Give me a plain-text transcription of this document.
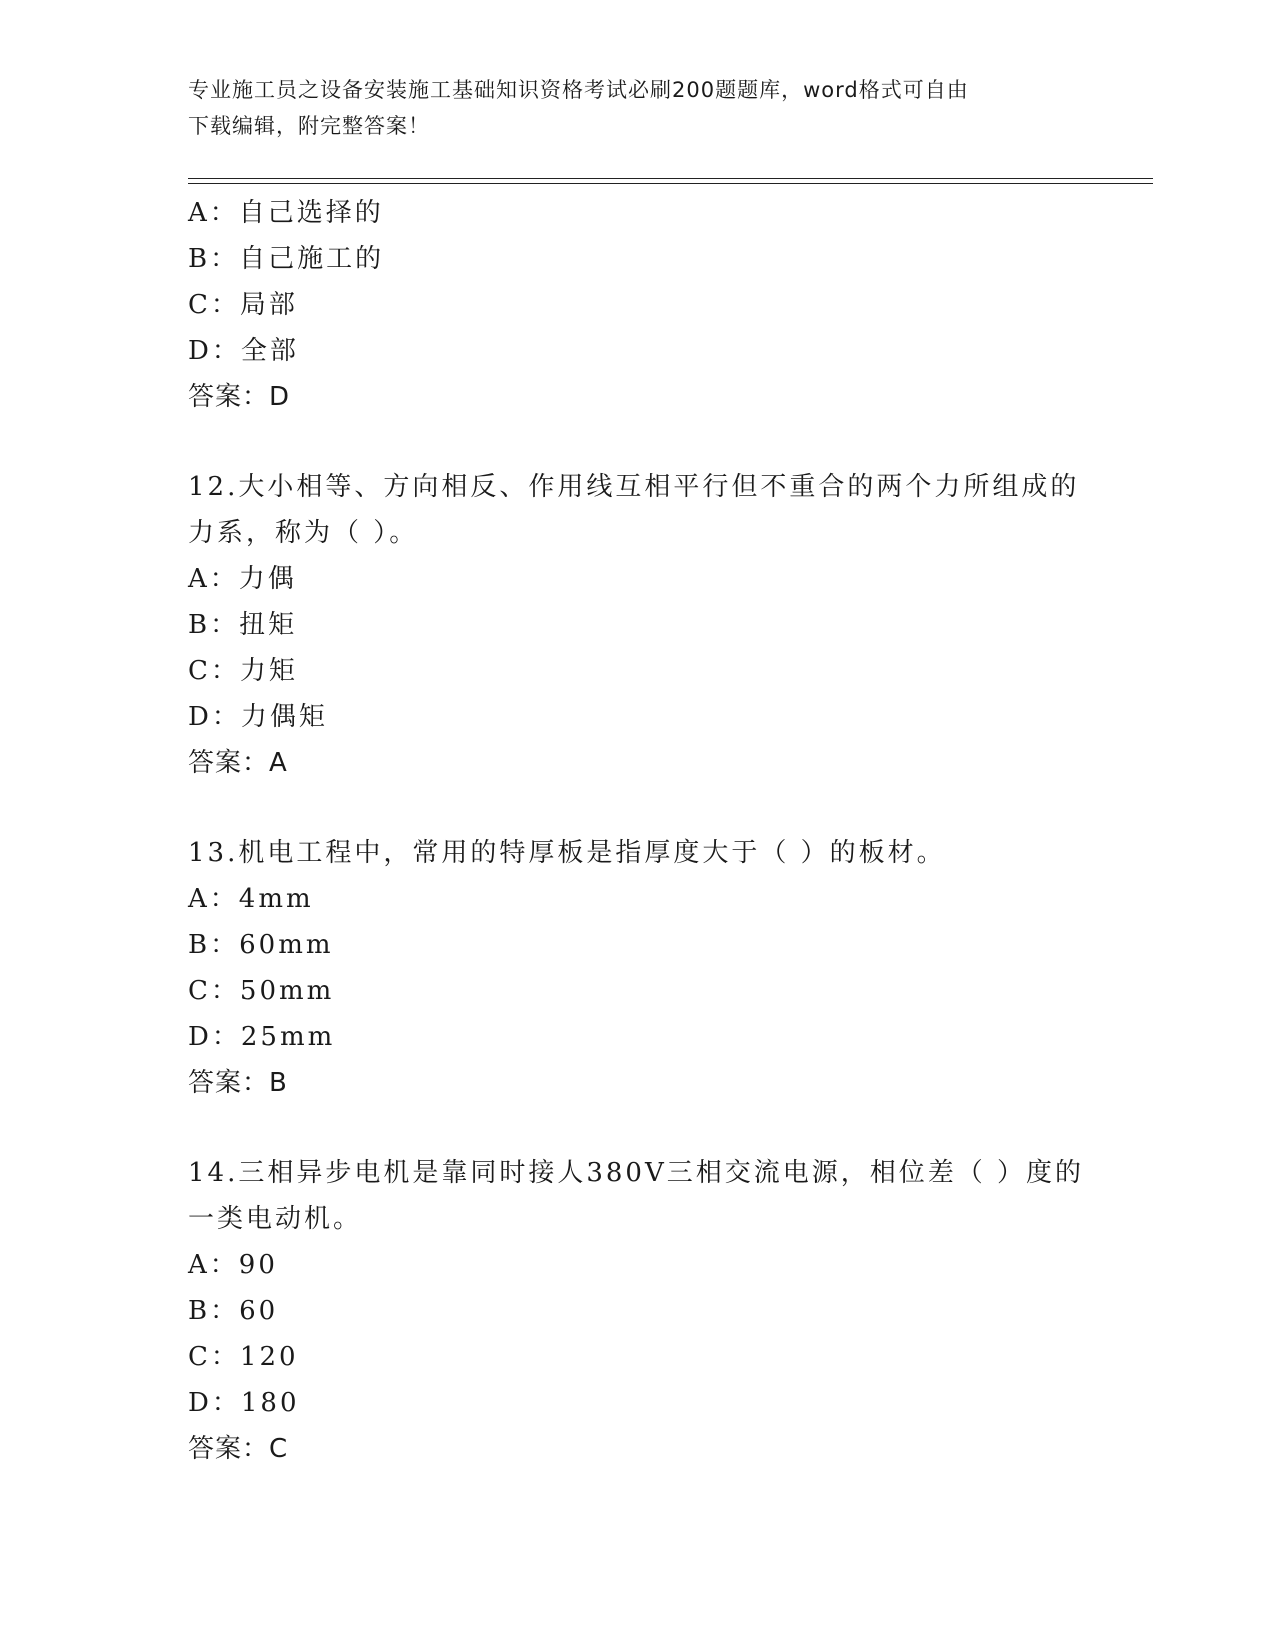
专业施工员之设备安装施工基础知识资格考试必刷200题题库，word格式可自由
下载编辑，附完整答案！
A：自己选择的
B：自己施工的
C：局部
D：全部
答案：D
12.大小相等、方向相反、作用线互相平行但不重合的两个力所组成的
力系，称为（ ）。
A：力偶
B：扭矩
C：力矩
D：力偶矩
答案：A
13.机电工程中，常用的特厚板是指厚度大于（ ）的板材。
A：4mm
B：60mm
C：50mm
D：25mm
答案：B
14.三相异步电机是靠同时接人380V三相交流电源，相位差（ ）度的
一类电动机。
A：90
B：60
C：120
D：180
答案：C
